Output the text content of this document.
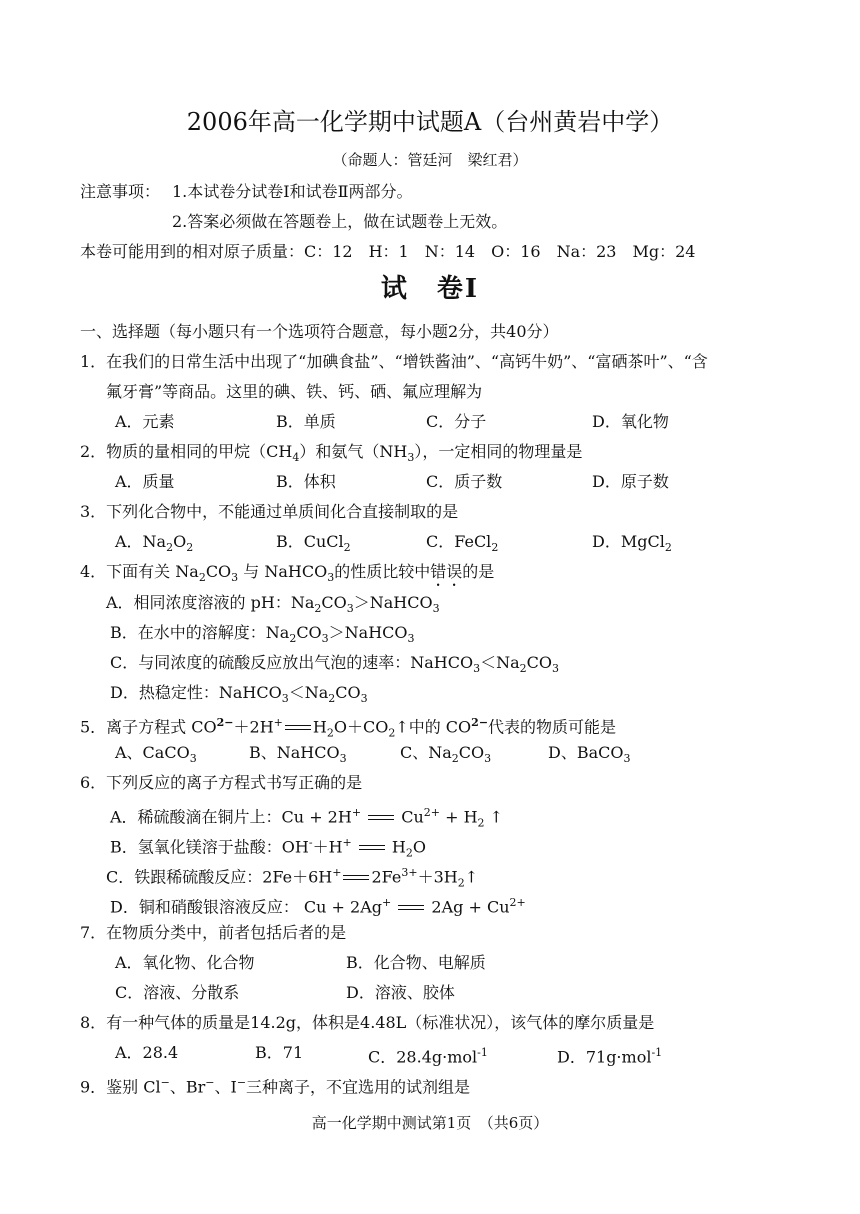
2006年高一化学期中试题A（台州黄岩中学）
（命题人：管廷河　梁红君）
注意事项： 1.本试卷分试卷Ⅰ和试卷Ⅱ两部分。
2.答案必须做在答题卷上，做在试题卷上无效。
本卷可能用到的相对原子质量：C：12　H：1　N：14　O：16　Na：23　Mg：24
试　卷Ⅰ
一、选择题（每小题只有一个选项符合题意，每小题2分，共40分）
1．在我们的日常生活中出现了“加碘食盐”、“增铁酱油”、“高钙牛奶”、“富硒茶叶”、“含
氟牙膏”等商品。这里的碘、铁、钙、硒、氟应理解为
A．元素	B．单质	C．分子	D．氧化物
2．物质的量相同的甲烷$(CH_4)$和氨气$(NH_3)$，一定相同的物理量是
A．质量	B．体积	C．质子数	D．原子数
3．下列化合物中，不能通过单质间化合直接制取的是
A．$Na_2O_2$	B．CuCl$_2$	C．FeCl$_2$	D．MgCl$_2$
4．下面有关 $Na_2CO_3$ 与 NaHCO$_3$的性质比较中错误的是
A．相同浓度溶液的 pH：$Na_2CO_3>NaHCO_3$
B．在水中的溶解度：$Na_2CO_3>NaHCO_3$
C．与同浓度的硫酸反应放出气泡的速率：$NaHCO_3<Na_2CO_3$
D．热稳定性：$NaHCO_3<Na_2CO_3$
5．离子方程式 $CO^{2-}+2H^+$ $H_2O+CO_2↑$中的 $CO^{2-}$代表的物质可能是
A、CaCO$_3$	B、NaHCO$_3$	C、$Na_2CO_3$	D、BaCO$_3$
6．下列反应的离子方程式书写正确的是
A．稀硫酸滴在铜片上：Cu + 2H+  $Cu^{2+} + H_2$ ↑
B．氢氧化镁溶于盐酸：OH-＋H+  $H_2O$
C．铁跟稀硫酸反应：2Fe＋6H+ $2Fe^{3+}+3H_2↑$
D．铜和硝酸银溶液反应： Cu + 2Ag+  $2Ag + Cu^{2+}$
7．在物质分类中，前者包括后者的是
A．氧化物、化合物	B．化合物、电解质
C．溶液、分散系	D．溶液、胶体
8．有一种气体的质量是14.2g，体积是4.48L（标准状况），该气体的摩尔质量是
A．28.4	B．71	C．28.4g·mol$^{-1}$	D．71g·mol$^{-1}$
9．鉴别 Cl−、Br−、I−三种离子，不宜选用的试剂组是
高一化学期中测试第1页　（共6页）
